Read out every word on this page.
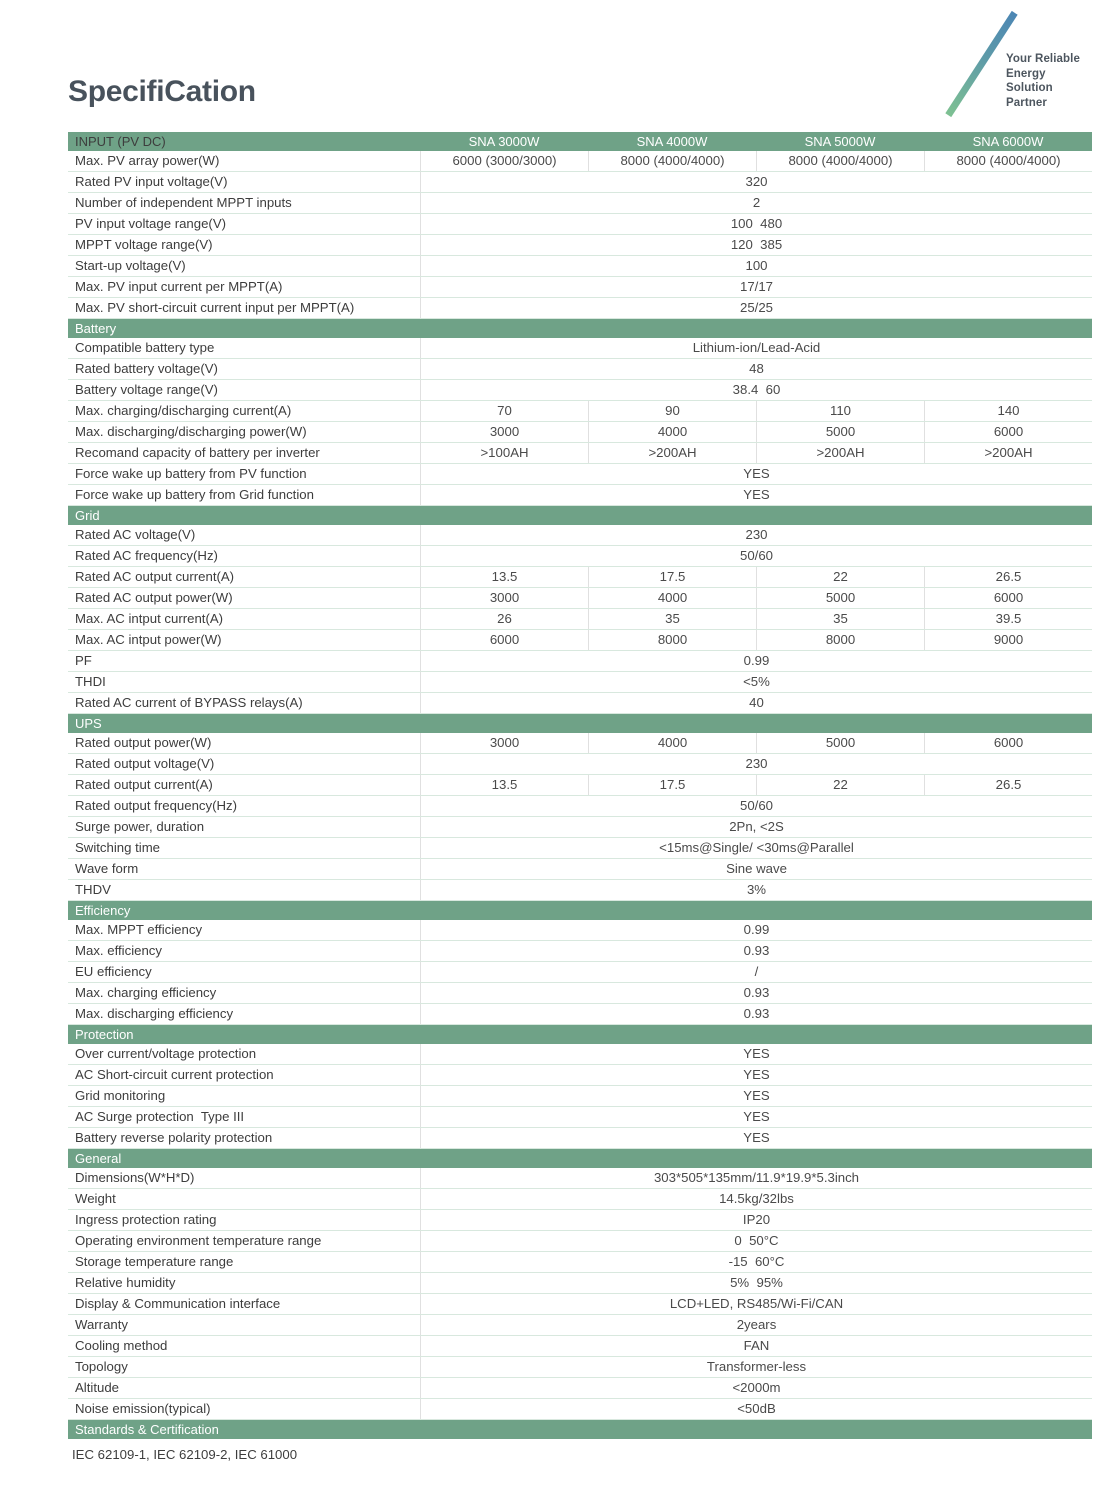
Your Reliable
Energy Solution
Partner
SpecifiCation
INPUT (PV DC)	SNA 3000W	SNA 4000W	SNA 5000W	SNA 6000W
Max. PV array power(W)	6000 (3000/3000)	8000 (4000/4000)	8000 (4000/4000)	8000 (4000/4000)
Rated PV input voltage(V)	320
Number of independent MPPT inputs	2
PV input voltage range(V)	100  480
MPPT voltage range(V)	120  385
Start-up voltage(V)	100
Max. PV input current per MPPT(A)	17/17
Max. PV short-circuit current input per MPPT(A)	25/25
Battery
Compatible battery type	Lithium-ion/Lead-Acid
Rated battery voltage(V)	48
Battery voltage range(V)	38.4  60
Max. charging/discharging current(A)	70	90	110	140
Max. discharging/discharging power(W)	3000	4000	5000	6000
Recomand capacity of battery per inverter	>100AH	>200AH	>200AH	>200AH
Force wake up battery from PV function	YES
Force wake up battery from Grid function	YES
Grid
Rated AC voltage(V)	230
Rated AC frequency(Hz)	50/60
Rated AC output current(A)	13.5	17.5	22	26.5
Rated AC output power(W)	3000	4000	5000	6000
Max. AC intput current(A)	26	35	35	39.5
Max. AC intput power(W)	6000	8000	8000	9000
PF	0.99
THDI	<5%
Rated AC current of BYPASS relays(A)	40
UPS
Rated output power(W)	3000	4000	5000	6000
Rated output voltage(V)	230
Rated output current(A)	13.5	17.5	22	26.5
Rated output frequency(Hz)	50/60
Surge power, duration	2Pn, <2S
Switching time	<15ms@Single/ <30ms@Parallel
Wave form	Sine wave
THDV	3%
Efficiency
Max. MPPT efficiency	0.99
Max. efficiency	0.93
EU efficiency	/
Max. charging efficiency	0.93
Max. discharging efficiency	0.93
Protection
Over current/voltage protection	YES
AC Short-circuit current protection	YES
Grid monitoring	YES
AC Surge protection  Type III	YES
Battery reverse polarity protection	YES
General
Dimensions(W*H*D)	303*505*135mm/11.9*19.9*5.3inch
Weight	14.5kg/32lbs
Ingress protection rating	IP20
Operating environment temperature range	0  50°C
Storage temperature range	-15  60°C
Relative humidity	5%  95%
Display & Communication interface	LCD+LED, RS485/Wi-Fi/CAN
Warranty	2years
Cooling method	FAN
Topology	Transformer-less
Altitude	<2000m
Noise emission(typical)	<50dB
Standards & Certification
IEC 62109-1, IEC 62109-2, IEC 61000
